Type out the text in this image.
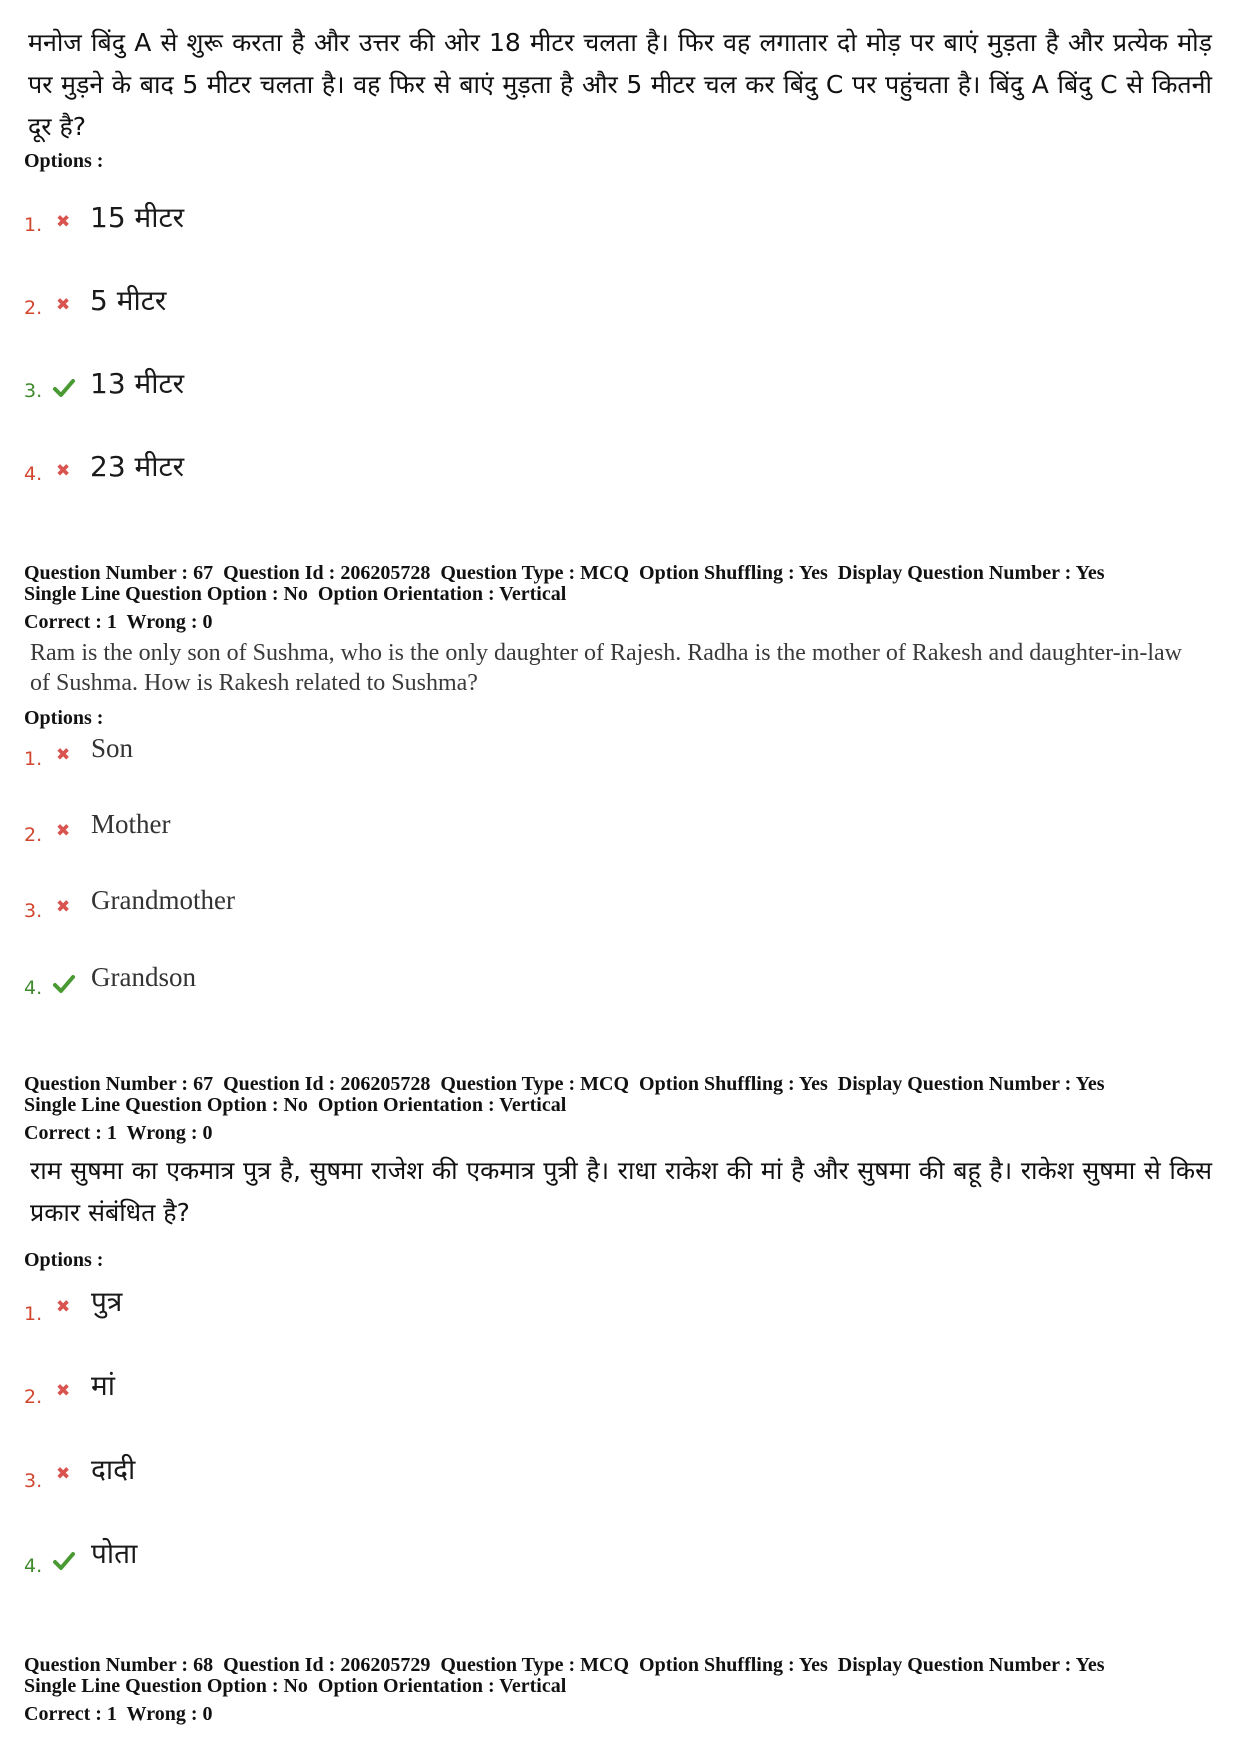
मनोज बिंदु A से शुरू करता है और उत्तर की ओर 18 मीटर चलता है। फिर वह लगातार दो मोड़ पर बाएं मुड़ता है और प्रत्येक मोड़ पर मुड़ने के बाद 5 मीटर चलता है। वह फिर से बाएं मुड़ता है और 5 मीटर चल कर बिंदु C पर पहुंचता है। बिंदु A बिंदु C से कितनी दूर है?
Options :
1. ✖ 15 मीटर
2. ✖ 5 मीटर
3. 13 मीटर
4. ✖ 23 मीटर
Question Number : 67  Question Id : 206205728  Question Type : MCQ  Option Shuffling : Yes  Display Question Number : Yes
Single Line Question Option : No  Option Orientation : Vertical
Correct : 1  Wrong : 0
Ram is the only son of Sushma, who is the only daughter of Rajesh. Radha is the mother of Rakesh and daughter-in-law
of Sushma. How is Rakesh related to Sushma?
Options :
1. ✖ Son
2. ✖ Mother
3. ✖ Grandmother
4. Grandson
Question Number : 67  Question Id : 206205728  Question Type : MCQ  Option Shuffling : Yes  Display Question Number : Yes
Single Line Question Option : No  Option Orientation : Vertical
Correct : 1  Wrong : 0
राम सुषमा का एकमात्र पुत्र है, सुषमा राजेश की एकमात्र पुत्री है। राधा राकेश की मां है और सुषमा की बहू है। राकेश सुषमा से किस प्रकार संबंधित है?
Options :
1. ✖ पुत्र
2. ✖ मां
3. ✖ दादी
4. पोता
Question Number : 68  Question Id : 206205729  Question Type : MCQ  Option Shuffling : Yes  Display Question Number : Yes
Single Line Question Option : No  Option Orientation : Vertical
Correct : 1  Wrong : 0
